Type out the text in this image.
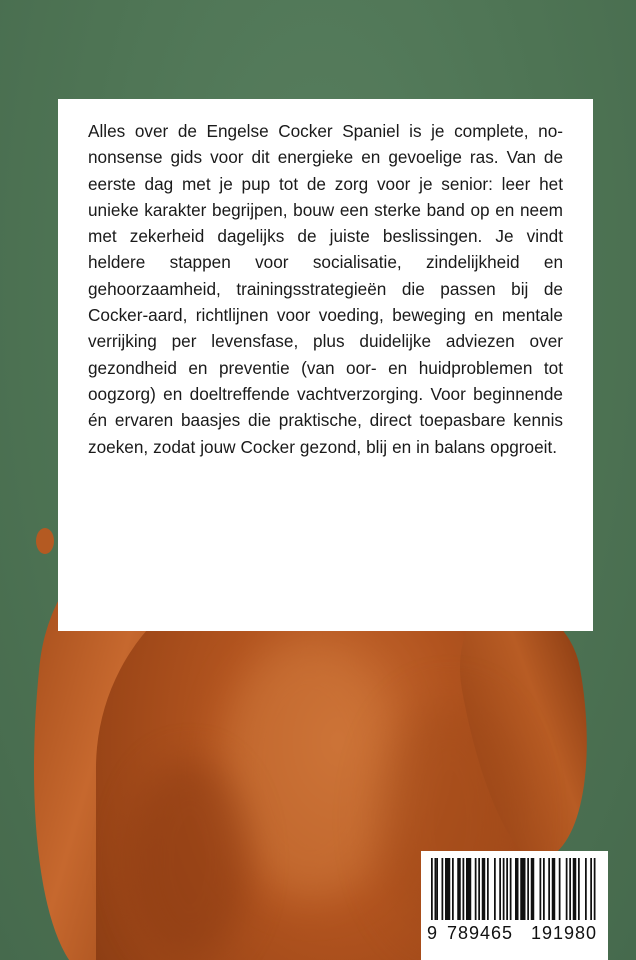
Alles over de Engelse Cocker Spaniel is je complete, no-nonsense gids voor dit energieke en gevoelige ras. Van de eerste dag met je pup tot de zorg voor je senior: leer het unieke karakter begrijpen, bouw een sterke band op en neem met zekerheid dagelijks de juiste beslissingen. Je vindt heldere stappen voor socialisatie, zindelijkheid en gehoorzaamheid, trainingsstrategieën die passen bij de Cocker-aard, richtlijnen voor voeding, beweging en mentale verrijking per levensfase, plus duidelijke adviezen over gezondheid en preventie (van oor- en huidproblemen tot oogzorg) en doeltreffende vachtverzorging. Voor beginnende én ervaren baasjes die praktische, direct toepasbare kennis zoeken, zodat jouw Cocker gezond, blij en in balans opgroeit.

9 789465 191980
